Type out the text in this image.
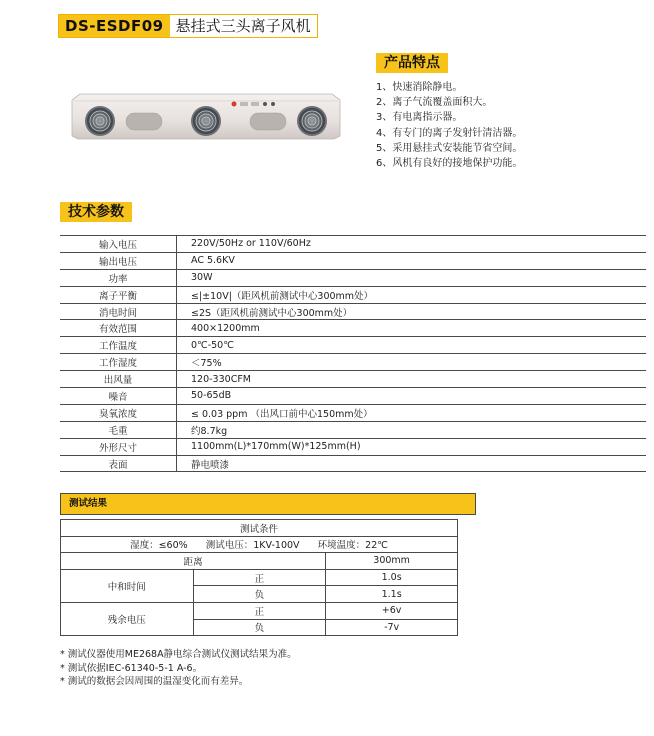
DS-ESDF09 悬挂式三头离子风机
产品特点
1、快速消除静电。
2、离子气流覆盖面积大。
3、有电离指示器。
4、有专门的离子发射针清洁器。
5、采用悬挂式安装能节省空间。
6、风机有良好的接地保护功能。
技术参数
输入电压	220V/50Hz or 110V/60Hz
输出电压	AC 5.6KV
功率	30W
离子平衡	≤|±10V|（距风机前测试中心300mm处）
消电时间	≤2S（距风机前测试中心300mm处）
有效范围	400×1200mm
工作温度	0℃-50℃
工作湿度	＜75%
出风量	120-330CFM
噪音	50-65dB
臭氧浓度	≤ 0.03 ppm （出风口前中心150mm处）
毛重	约8.7kg
外形尺寸	1100mm(L)*170mm(W)*125mm(H)
表面	静电喷漆
测试结果
测试条件		
湿度：≤60%      测试电压：1KV-100V      环境温度：22℃		
距离		300mm
中和时间	正	1.0s
	负	1.1s
残余电压	正	+6v
	负	-7v
* 测试仪器使用ME268A静电综合测试仪测试结果为准。
* 测试依据IEC-61340-5-1 A-6。
* 测试的数据会因周围的温湿变化而有差异。
